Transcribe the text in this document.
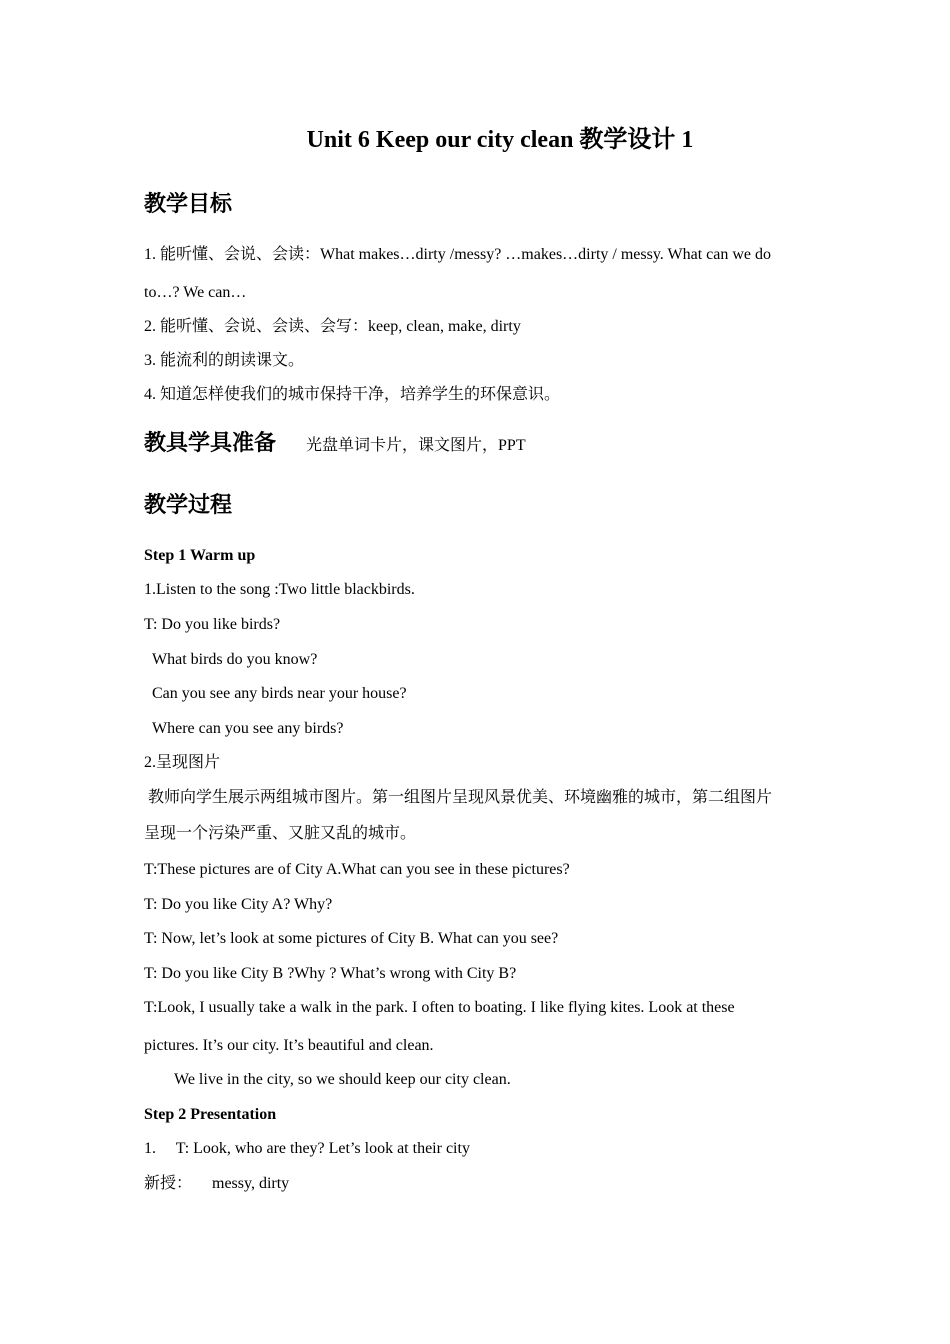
Unit 6 Keep our city clean 教学设计 1
教学目标
1. 能听懂、会说、会读：What makes…dirty /messy? …makes…dirty / messy. What can we do
to…? We can…
2. 能听懂、会说、会读、会写：keep, clean, make, dirty
3. 能流利的朗读课文。
4. 知道怎样使我们的城市保持干净，培养学生的环保意识。
教具学具准备 光盘单词卡片，课文图片，PPT
教学过程
Step 1 Warm up
1.Listen to the song :Two little blackbirds.
T: Do you like birds?
What birds do you know?
Can you see any birds near your house?
Where can you see any birds?
2.呈现图片
教师向学生展示两组城市图片。第一组图片呈现风景优美、环境幽雅的城市，第二组图片
呈现一个污染严重、又脏又乱的城市。
T:These pictures are of City A.What can you see in these pictures?
T: Do you like City A? Why?
T: Now, let’s look at some pictures of City B. What can you see?
T: Do you like City B ?Why ? What’s wrong with City B?
T:Look, I usually take a walk in the park. I often to boating. I like flying kites. Look at these
pictures. It’s our city. It’s beautiful and clean.
We live in the city, so we should keep our city clean.
Step 2 Presentation
1.     T: Look, who are they? Let’s look at their city
新授：     messy, dirty
